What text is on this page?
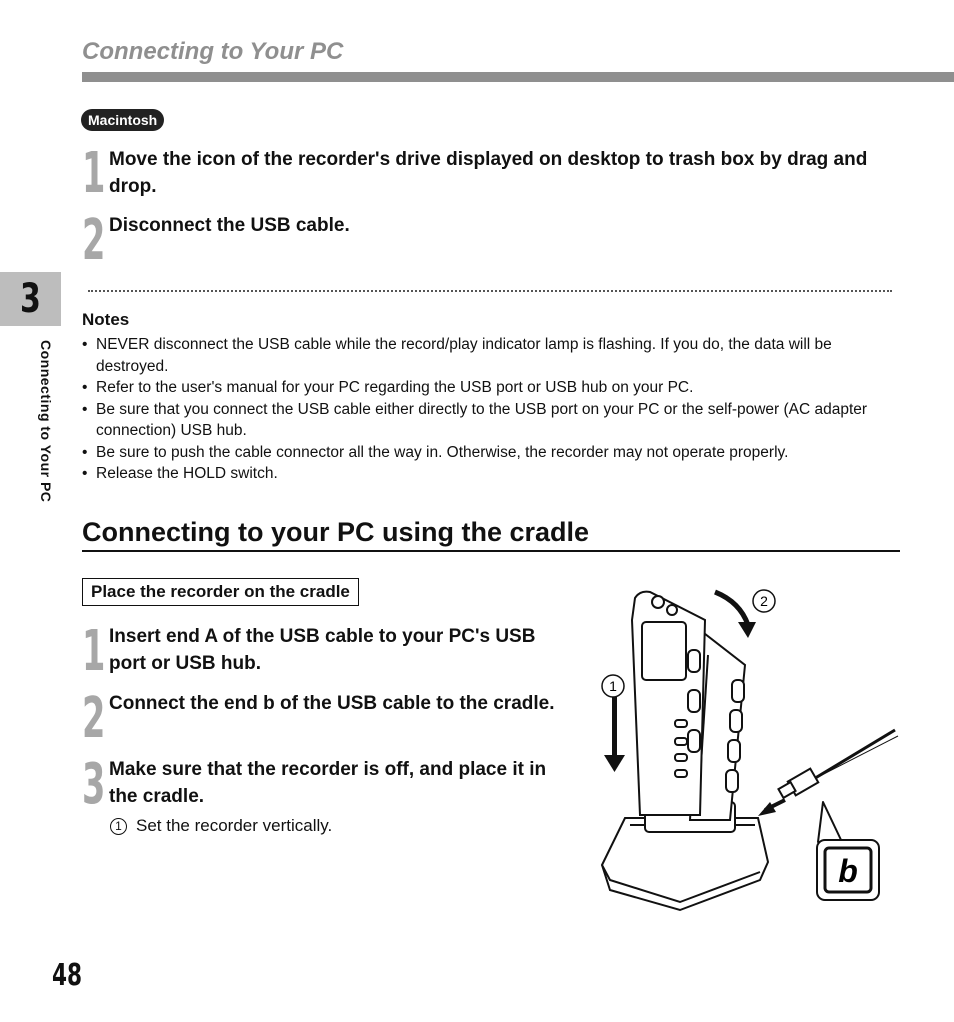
Connecting to Your PC
Macintosh
1 Move the icon of the recorder's drive displayed on desktop to trash box by drag and drop.
2 Disconnect the USB cable.
Notes
• NEVER disconnect the USB cable while the record/play indicator lamp is flashing. If you do, the data will be destroyed.
• Refer to the user's manual for your PC regarding the USB port or USB hub on your PC.
• Be sure that you connect the USB cable either directly to the USB port on your PC or the self-power (AC adapter connection) USB hub.
• Be sure to push the cable connector all the way in. Otherwise, the recorder may not operate properly.
• Release the HOLD switch.
3
Connecting to Your PC
Connecting to your PC using the cradle
Place the recorder on the cradle
1 Insert end A of the USB cable to your PC's USB port or USB hub.
2 Connect the end b of the USB cable to the cradle.
3 Make sure that the recorder is off, and place it in the cradle.
1 Set the recorder vertically.
1
2
b
48
